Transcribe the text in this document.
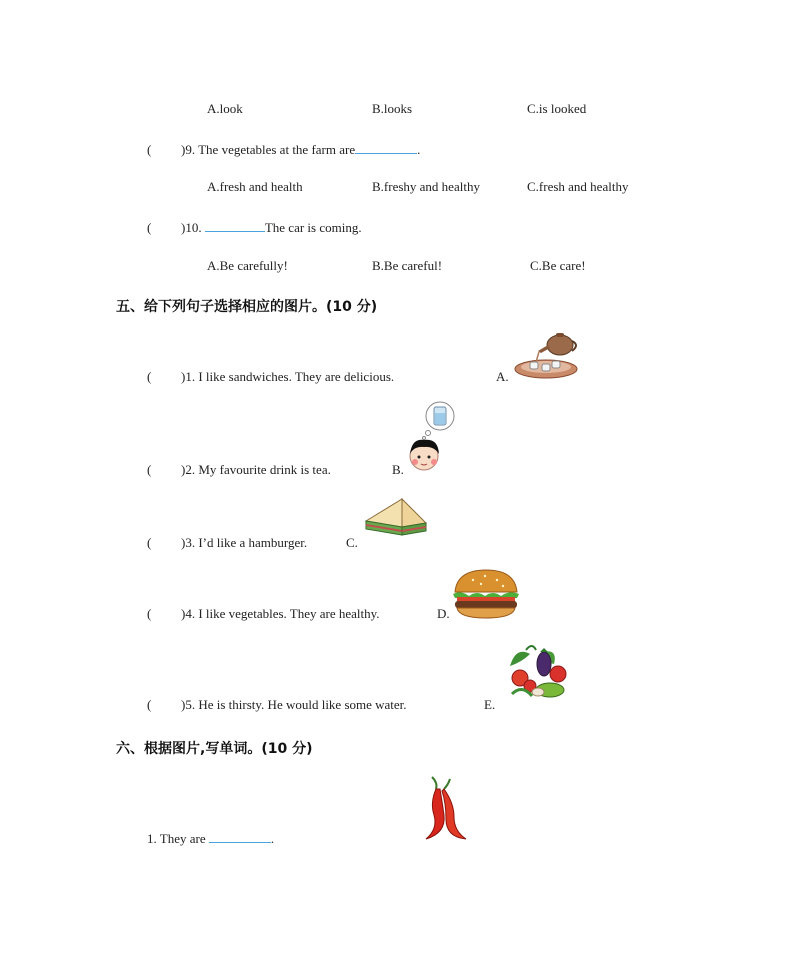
A.look	B.looks	C.is looked
( )9. The vegetables at the farm are	.
A.fresh and health	B.freshy and healthy	C.fresh and healthy
( )10.	The car is coming.
A.Be carefully!	B.Be careful!	C.Be care!
五、给下列句子选择相应的图片。(10 分)
( )1. I like sandwiches. They are delicious.	A.
( )2. My favourite drink is tea.	B.
( )3. I’d like a hamburger.	C.
( )4. I like vegetables. They are healthy.	D.
( )5. He is thirsty. He would like some water.	E.
六、根据图片,写单词。(10 分)
1. They are	.
